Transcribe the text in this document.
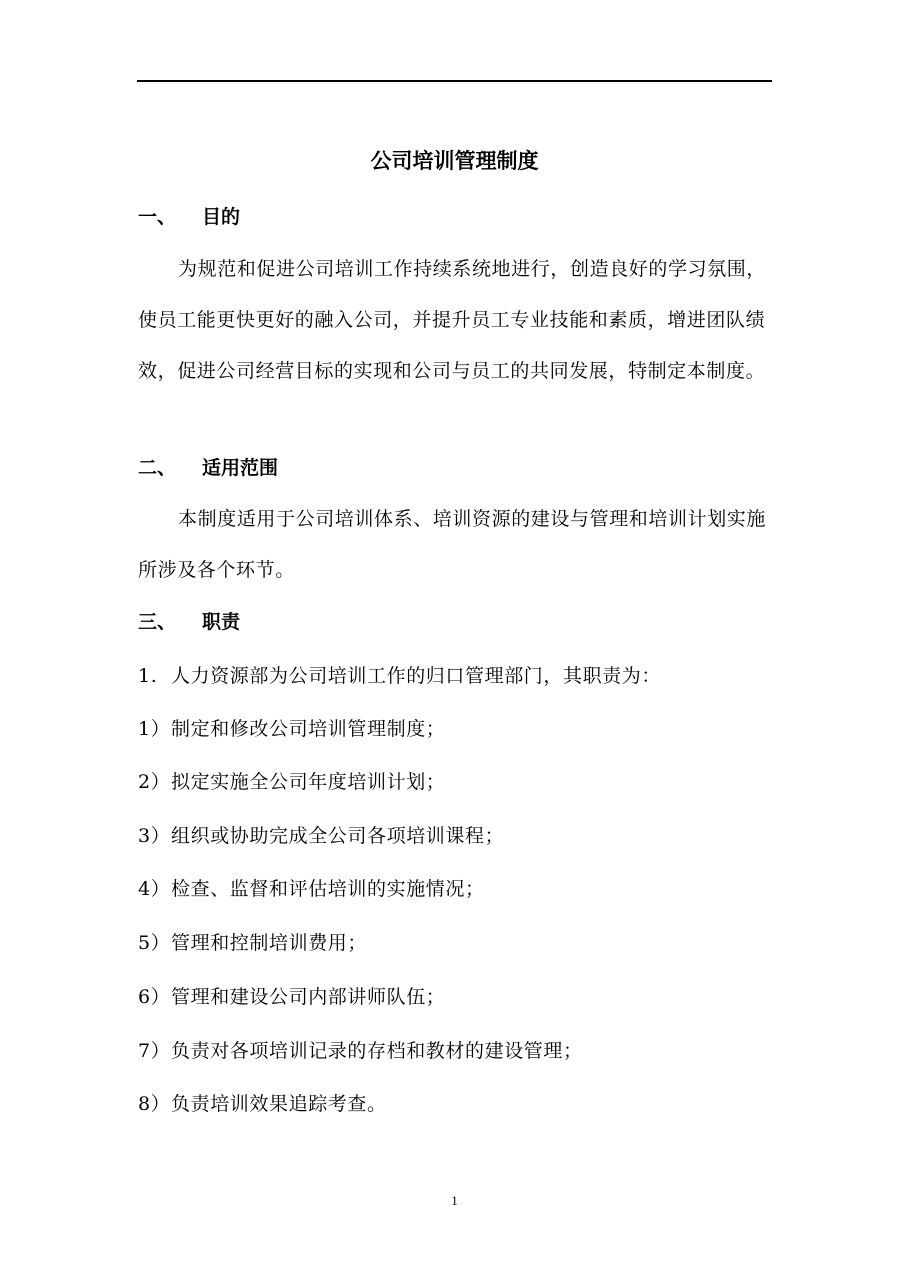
公司培训管理制度
一、 目的

为规范和促进公司培训工作持续系统地进行，创造良好的学习氛围，使员工能更快更好的融入公司，并提升员工专业技能和素质，增进团队绩效，促进公司经营目标的实现和公司与员工的共同发展，特制定本制度。

二、 适用范围

本制度适用于公司培训体系、培训资源的建设与管理和培训计划实施所涉及各个环节。

三、 职责

1. 人力资源部为公司培训工作的归口管理部门，其职责为：

1）制定和修改公司培训管理制度；

2）拟定实施全公司年度培训计划；

3）组织或协助完成全公司各项培训课程；

4）检查、监督和评估培训的实施情况；

5）管理和控制培训费用；

6）管理和建设公司内部讲师队伍；

7）负责对各项培训记录的存档和教材的建设管理；

8）负责培训效果追踪考查。

1
